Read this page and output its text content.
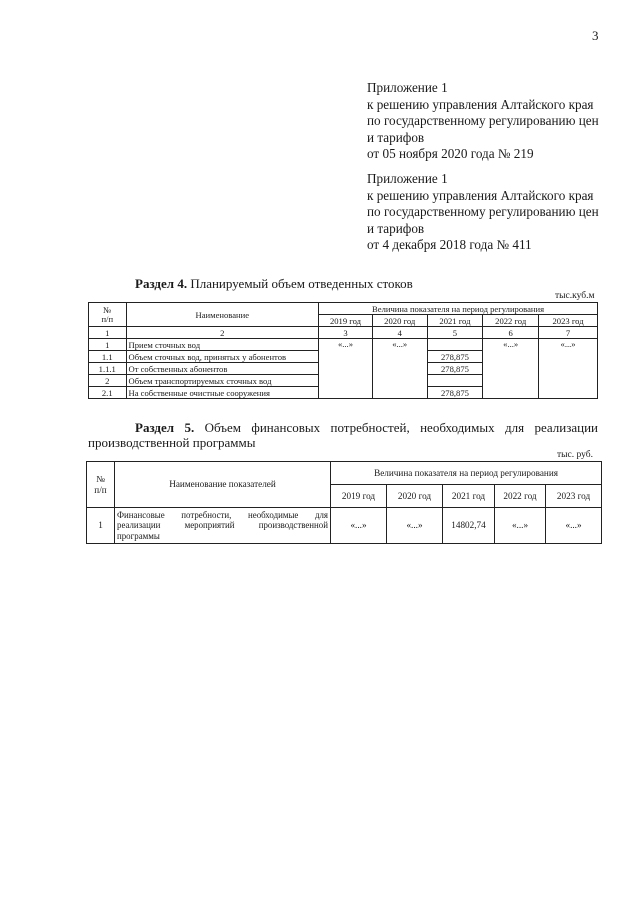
3
Приложение 1
к решению управления Алтайского края
по государственному регулированию цен
и тарифов
от 05 ноября 2020 года № 219
Приложение 1
к решению управления Алтайского края
по государственному регулированию цен
и тарифов
от 4 декабря 2018 года № 411
Раздел 4. Планируемый объем отведенных стоков
тыс.куб.м
№
п/п	Наименование	Величина показателя на период регулирования				
		2019 год	2020 год	2021 год	2022 год	2023 год
1	2	3	4	5	6	7
1	Прием сточных вод	«...»	«...»		«...»	«...»
1.1	Объем сточных вод, принятых у абонентов			278,875		
1.1.1	От собственных абонентов			278,875		
2	Объем транспортируемых сточных вод					
2.1	На собственные очистные сооружения			278,875		
Раздел 5. Объем финансовых потребностей, необходимых для реализации
производственной программы
тыс. руб.
№
п/п	Наименование показателей	Величина показателя на период регулирования				
		2019 год	2020 год	2021 год	2022 год	2023 год
1	Финансовые потребности, необходимые для
реализации мероприятий производственной
программы	«...»	«...»	14802,74	«...»	«...»
